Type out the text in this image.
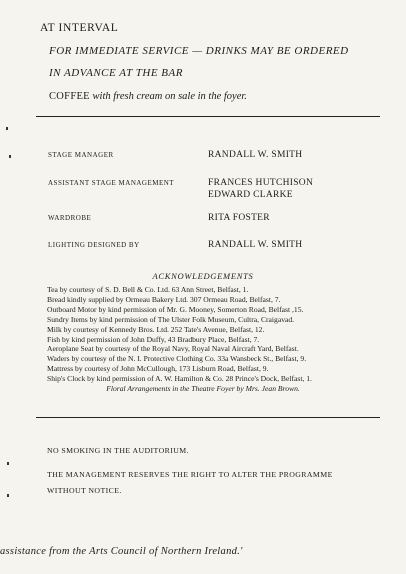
AT INTERVAL
FOR IMMEDIATE SERVICE — DRINKS MAY BE ORDERED
IN ADVANCE AT THE BAR
COFFEE with fresh cream on sale in the foyer.
STAGE MANAGER	RANDALL W. SMITH
ASSISTANT STAGE MANAGEMENT	FRANCES HUTCHISON
EDWARD CLARKE
WARDROBE	RITA FOSTER
LIGHTING DESIGNED BY	RANDALL W. SMITH
ACKNOWLEDGEMENTS
Tea by courtesy of S. D. Bell & Co. Ltd. 63 Ann Street, Belfast, 1.
Bread kindly supplied by Ormeau Bakery Ltd. 307 Ormeau Road, Belfast, 7.
Outboard Motor by kind permission of Mr. G. Mooney, Somerton Road, Belfast ,15.
Sundry Items by kind permission of The Ulster Folk Museum, Cultra, Craigavad.
Milk by courtesy of Kennedy Bros. Ltd. 252 Tate's Avenue, Belfast, 12.
Fish by kind permission of John Duffy, 43 Bradbury Place, Belfast, 7.
Aeroplane Seat by courtesy of the Royal Navy, Royal Naval Aircraft Yard, Belfast.
Waders by courtesy of the N. I. Protective Clothing Co. 33a Wansbeck St., Belfast, 9.
Mattress by courtesy of John McCullough, 173 Lisburn Road, Belfast, 9.
Ship's Clock by kind permission of A. W. Hamilton & Co. 28 Prince's Dock, Belfast, 1.
Floral Arrangements in the Theatre Foyer by Mrs. Jean Brown.
NO SMOKING IN THE AUDITORIUM.
THE MANAGEMENT RESERVES THE RIGHT TO ALTER THE PROGRAMME
WITHOUT NOTICE.
assistance from the Arts Council of Northern Ireland.'
